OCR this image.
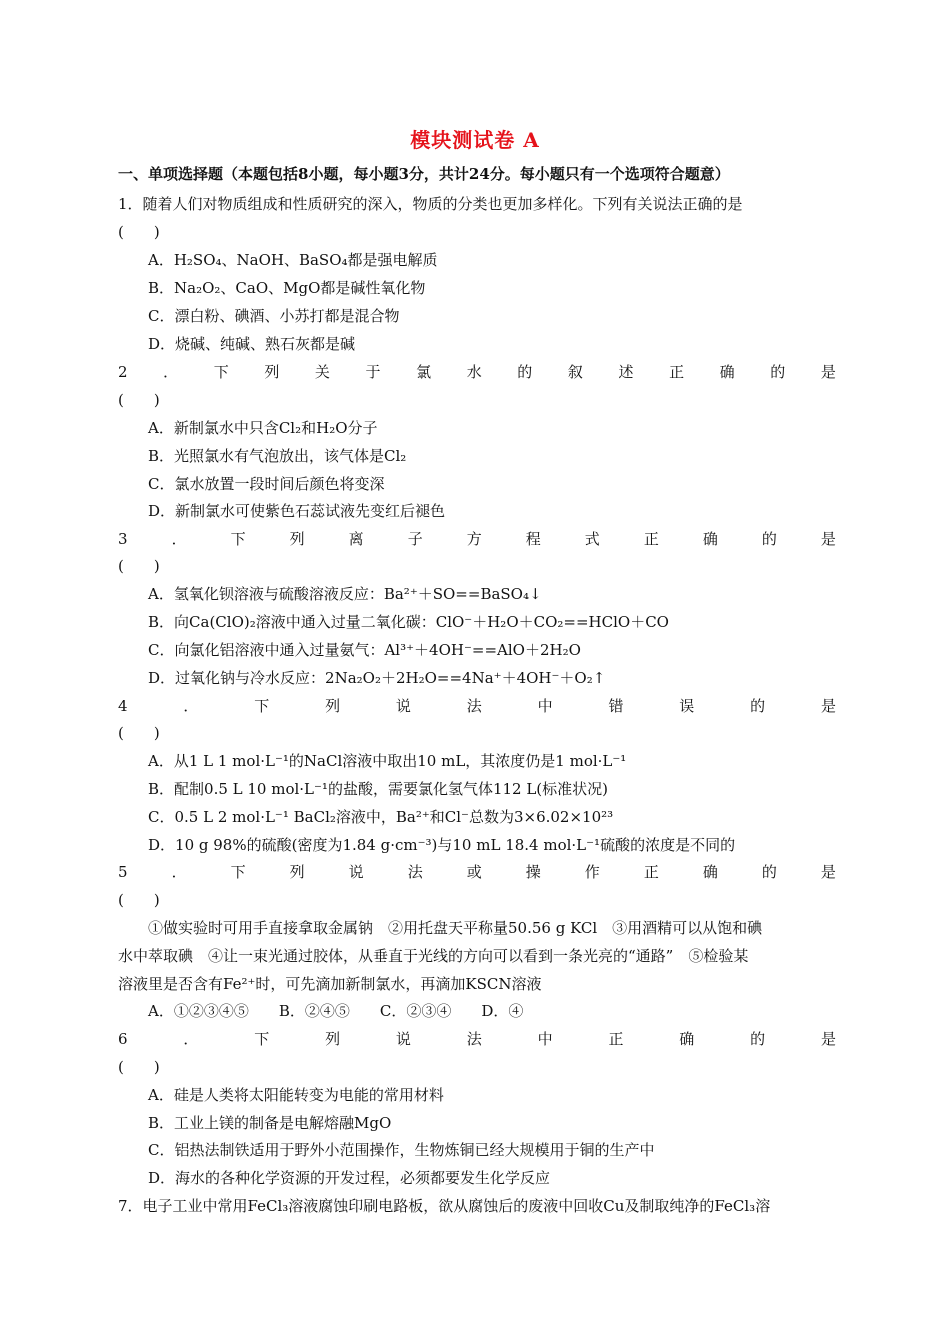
模块测试卷 A
一、单项选择题（本题包括8小题，每小题3分，共计24分。每小题只有一个选项符合题意）
1．随着人们对物质组成和性质研究的深入，物质的分类也更加多样化。下列有关说法正确的是
(　　)
A．H₂SO₄、NaOH、BaSO₄都是强电解质
B．Na₂O₂、CaO、MgO都是碱性氧化物
C．漂白粉、碘酒、小苏打都是混合物
D．烧碱、纯碱、熟石灰都是碱
2 ． 下 列 关 于 氯 水 的 叙 述 正 确 的 是
(　　)
A．新制氯水中只含Cl₂和H₂O分子
B．光照氯水有气泡放出，该气体是Cl₂
C．氯水放置一段时间后颜色将变深
D．新制氯水可使紫色石蕊试液先变红后褪色
3	．	下	列	离	子	方	程	式	正	确	的	是
(　　)
A．氢氧化钡溶液与硫酸溶液反应：Ba²⁺＋SO==BaSO₄↓
B．向Ca(ClO)₂溶液中通入过量二氧化碳：ClO⁻＋H₂O＋CO₂==HClO＋CO
C．向氯化铝溶液中通入过量氨气：Al³⁺＋4OH⁻==AlO＋2H₂O
D．过氧化钠与冷水反应：2Na₂O₂＋2H₂O==4Na⁺＋4OH⁻＋O₂↑
4	．	下	列	说	法	中	错	误	的	是
(　　)
A．从1 L 1 mol·L⁻¹的NaCl溶液中取出10 mL，其浓度仍是1 mol·L⁻¹
B．配制0.5 L 10 mol·L⁻¹的盐酸，需要氯化氢气体112 L(标准状况)
C．0.5 L 2 mol·L⁻¹ BaCl₂溶液中，Ba²⁺和Cl⁻总数为3×6.02×10²³
D．10 g 98%的硫酸(密度为1.84 g·cm⁻³)与10 mL 18.4 mol·L⁻¹硫酸的浓度是不同的
5	．	下	列	说	法	或	操	作	正	确	的	是
(　　)
①做实验时可用手直接拿取金属钠　②用托盘天平称量50.56 g KCl　③用酒精可以从饱和碘
水中萃取碘　④让一束光通过胶体，从垂直于光线的方向可以看到一条光亮的“通路”　⑤检验某
溶液里是否含有Fe²⁺时，可先滴加新制氯水，再滴加KSCN溶液
A．①②③④⑤　　B．②④⑤　　C．②③④　　D．④
6	．	下	列	说	法	中	正	确	的	是
(　　)
A．硅是人类将太阳能转变为电能的常用材料
B．工业上镁的制备是电解熔融MgO
C．铝热法制铁适用于野外小范围操作，生物炼铜已经大规模用于铜的生产中
D．海水的各种化学资源的开发过程，必须都要发生化学反应
7．电子工业中常用FeCl₃溶液腐蚀印刷电路板，欲从腐蚀后的废液中回收Cu及制取纯净的FeCl₃溶
